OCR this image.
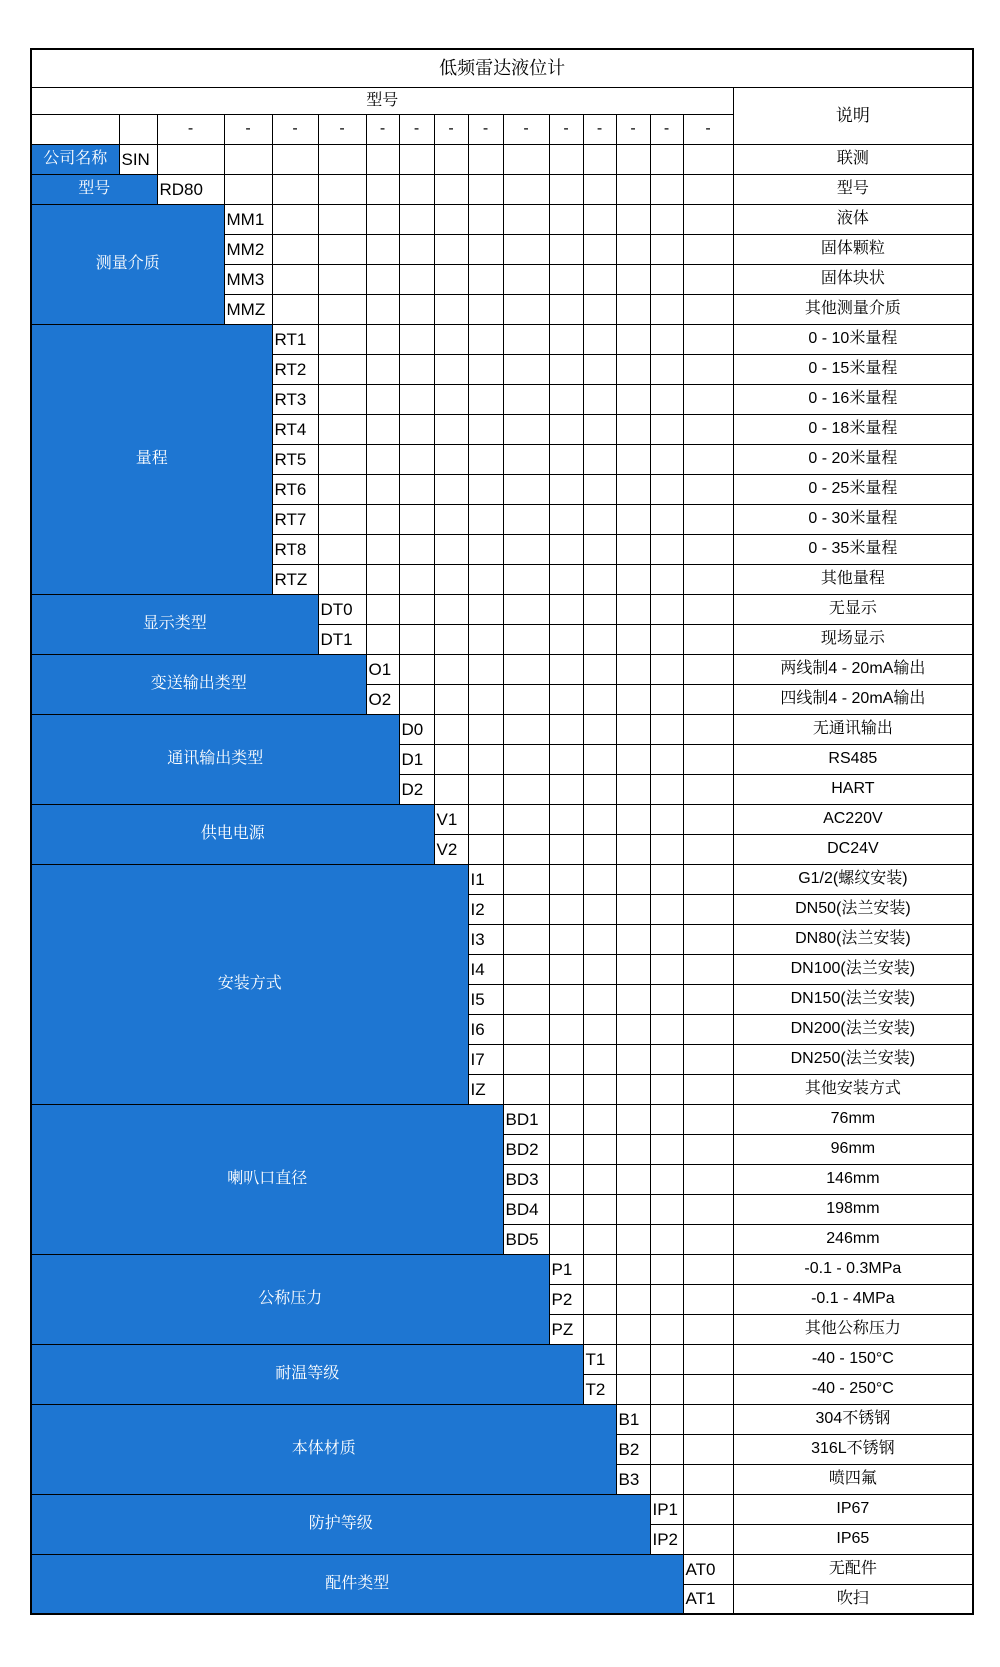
低频雷达液位计																
型号																说明
		-	-	-	-	-	-	-	-	-	-	-	-	-	-	
公司名称	SIN															联测
型号		RD80														型号
测量介质			MM1													液体
			MM2													固体颗粒
			MM3													固体块状
			MMZ													其他测量介质
量程				RT1												0 - 10米量程
				RT2												0 - 15米量程
				RT3												0 - 16米量程
				RT4												0 - 18米量程
				RT5												0 - 20米量程
				RT6												0 - 25米量程
				RT7												0 - 30米量程
				RT8												0 - 35米量程
				RTZ												其他量程
显示类型					DT0											无显示
					DT1											现场显示
变送输出类型						O1										两线制4 - 20mA输出
						O2										四线制4 - 20mA输出
通讯输出类型							D0									无通讯输出
							D1									RS485
							D2									HART
供电电源								V1								AC220V
								V2								DC24V
安装方式									I1							G1/2(螺纹安装)
									I2							DN50(法兰安装)
									I3							DN80(法兰安装)
									I4							DN100(法兰安装)
									I5							DN150(法兰安装)
									I6							DN200(法兰安装)
									I7							DN250(法兰安装)
									IZ							其他安装方式
喇叭口直径										BD1						76mm
										BD2						96mm
										BD3						146mm
										BD4						198mm
										BD5						246mm
公称压力											P1					-0.1 - 0.3MPa
											P2					-0.1 - 4MPa
											PZ					其他公称压力
耐温等级												T1				-40 - 150°C
												T2				-40 - 250°C
本体材质													B1			304不锈钢
													B2			316L不锈钢
													B3			喷四氟
防护等级														IP1		IP67
														IP2		IP65
配件类型															AT0	无配件
															AT1	吹扫
